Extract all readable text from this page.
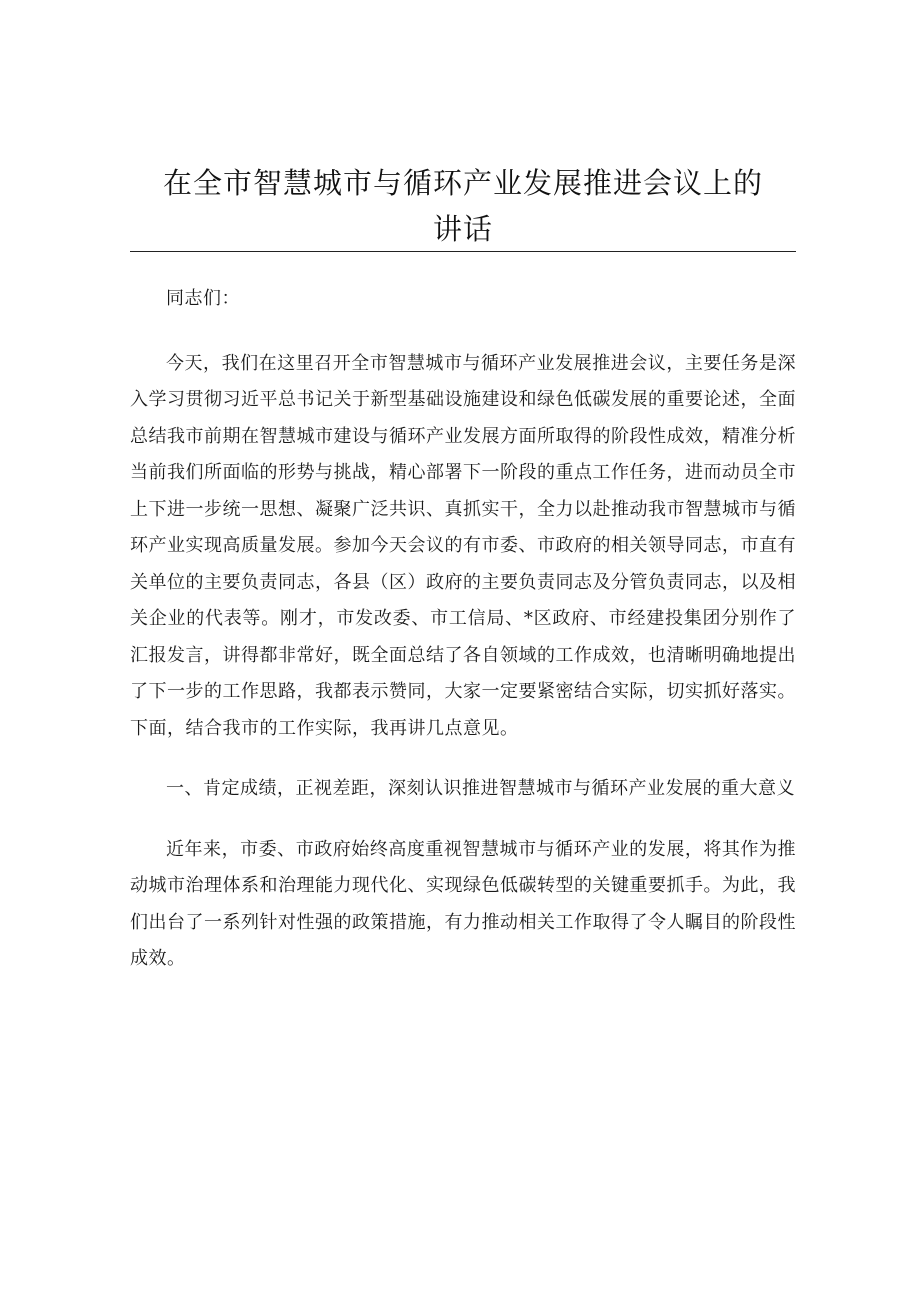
在全市智慧城市与循环产业发展推进会议上的
讲话

同志们：

今天，我们在这里召开全市智慧城市与循环产业发展推进会议，主要任务是深入学习贯彻习近平总书记关于新型基础设施建设和绿色低碳发展的重要论述，全面总结我市前期在智慧城市建设与循环产业发展方面所取得的阶段性成效，精准分析当前我们所面临的形势与挑战，精心部署下一阶段的重点工作任务，进而动员全市上下进一步统一思想、凝聚广泛共识、真抓实干，全力以赴推动我市智慧城市与循环产业实现高质量发展。参加今天会议的有市委、市政府的相关领导同志，市直有关单位的主要负责同志，各县（区）政府的主要负责同志及分管负责同志，以及相关企业的代表等。刚才，市发改委、市工信局、*区政府、市经建投集团分别作了汇报发言，讲得都非常好，既全面总结了各自领域的工作成效，也清晰明确地提出了下一步的工作思路，我都表示赞同，大家一定要紧密结合实际，切实抓好落实。下面，结合我市的工作实际，我再讲几点意见。

一、肯定成绩，正视差距，深刻认识推进智慧城市与循环产业发展的重大意义

近年来，市委、市政府始终高度重视智慧城市与循环产业的发展，将其作为推动城市治理体系和治理能力现代化、实现绿色低碳转型的关键重要抓手。为此，我们出台了一系列针对性强的政策措施，有力推动相关工作取得了令人瞩目的阶段性成效。
